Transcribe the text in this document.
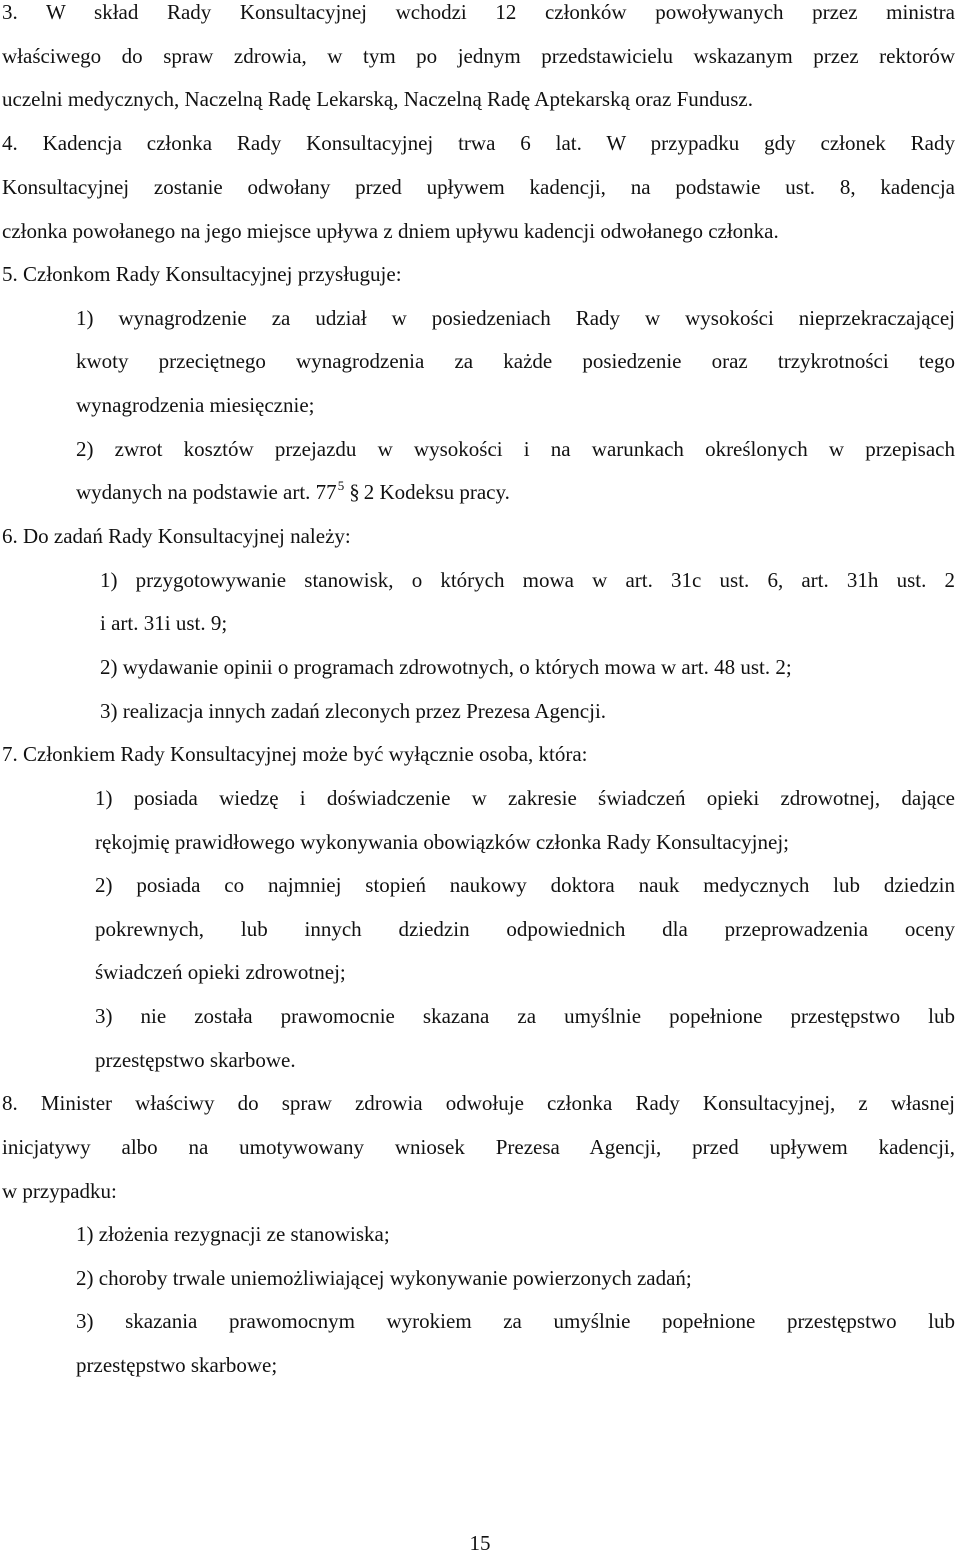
3. W skład Rady Konsultacyjnej wchodzi 12 członków powoływanych przez ministra
właściwego do spraw zdrowia, w tym po jednym przedstawicielu wskazanym przez rektorów
uczelni medycznych, Naczelną Radę Lekarską, Naczelną Radę Aptekarską oraz Fundusz.
4. Kadencja członka Rady Konsultacyjnej trwa 6 lat. W przypadku gdy członek Rady
Konsultacyjnej zostanie odwołany przed upływem kadencji, na podstawie ust. 8, kadencja
członka powołanego na jego miejsce upływa z dniem upływu kadencji odwołanego członka.
5. Członkom Rady Konsultacyjnej przysługuje:
1) wynagrodzenie za udział w posiedzeniach Rady w wysokości nieprzekraczającej
kwoty przeciętnego wynagrodzenia za każde posiedzenie oraz trzykrotności tego
wynagrodzenia miesięcznie;
2) zwrot kosztów przejazdu w wysokości i na warunkach określonych w przepisach
wydanych na podstawie art. $77^5$ § 2 Kodeksu pracy.
6. Do zadań Rady Konsultacyjnej należy:
1) przygotowywanie stanowisk, o których mowa w art. 31c ust. 6, art. 31h ust. 2
i art. 31i ust. 9;
2) wydawanie opinii o programach zdrowotnych, o których mowa w art. 48 ust. 2;
3) realizacja innych zadań zleconych przez Prezesa Agencji.
7. Członkiem Rady Konsultacyjnej może być wyłącznie osoba, która:
1) posiada wiedzę i doświadczenie w zakresie świadczeń opieki zdrowotnej, dające
rękojmię prawidłowego wykonywania obowiązków członka Rady Konsultacyjnej;
2) posiada co najmniej stopień naukowy doktora nauk medycznych lub dziedzin
pokrewnych, lub innych dziedzin odpowiednich dla przeprowadzenia oceny
świadczeń opieki zdrowotnej;
3) nie została prawomocnie skazana za umyślnie popełnione przestępstwo lub
przestępstwo skarbowe.
8. Minister właściwy do spraw zdrowia odwołuje członka Rady Konsultacyjnej, z własnej
inicjatywy albo na umotywowany wniosek Prezesa Agencji, przed upływem kadencji,
w przypadku:
1) złożenia rezygnacji ze stanowiska;
2) choroby trwale uniemożliwiającej wykonywanie powierzonych zadań;
3) skazania prawomocnym wyrokiem za umyślnie popełnione przestępstwo lub
przestępstwo skarbowe;
15
